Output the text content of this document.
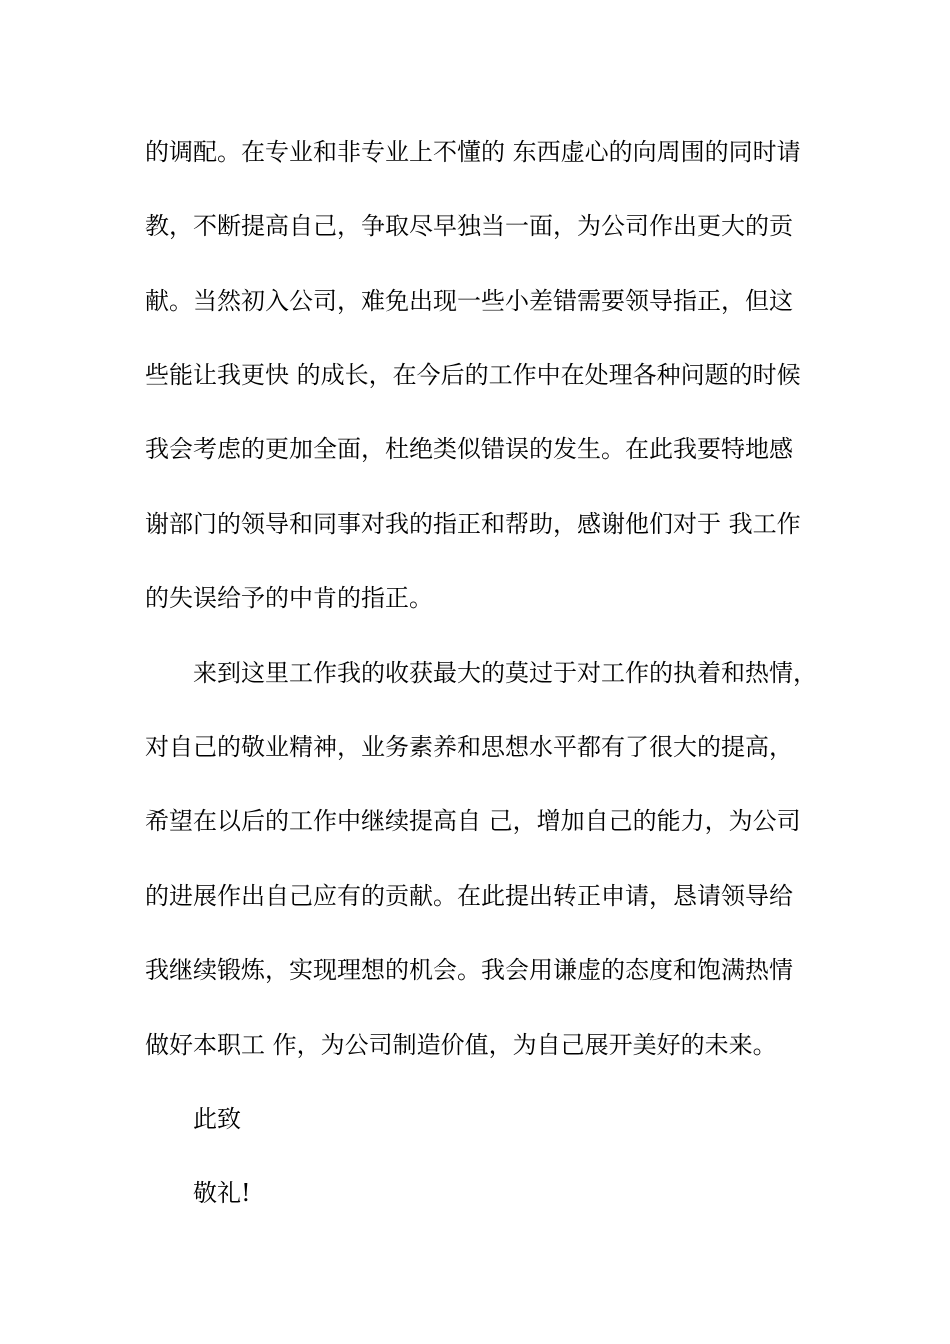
的调配。在专业和非专业上不懂的 东西虚心的向周围的同时请

教，不断提高自己，争取尽早独当一面，为公司作出更大的贡

献。当然初入公司，难免出现一些小差错需要领导指正，但这

些能让我更快 的成长，在今后的工作中在处理各种问题的时候

我会考虑的更加全面，杜绝类似错误的发生。在此我要特地感

谢部门的领导和同事对我的指正和帮助，感谢他们对于 我工作

的失误给予的中肯的指正。

来到这里工作我的收获最大的莫过于对工作的执着和热情，

对自己的敬业精神，业务素养和思想水平都有了很大的提高，

希望在以后的工作中继续提高自 己，增加自己的能力，为公司

的进展作出自己应有的贡献。在此提出转正申请，恳请领导给

我继续锻炼，实现理想的机会。我会用谦虚的态度和饱满热情

做好本职工 作，为公司制造价值，为自己展开美好的未来。

此致

敬礼!
